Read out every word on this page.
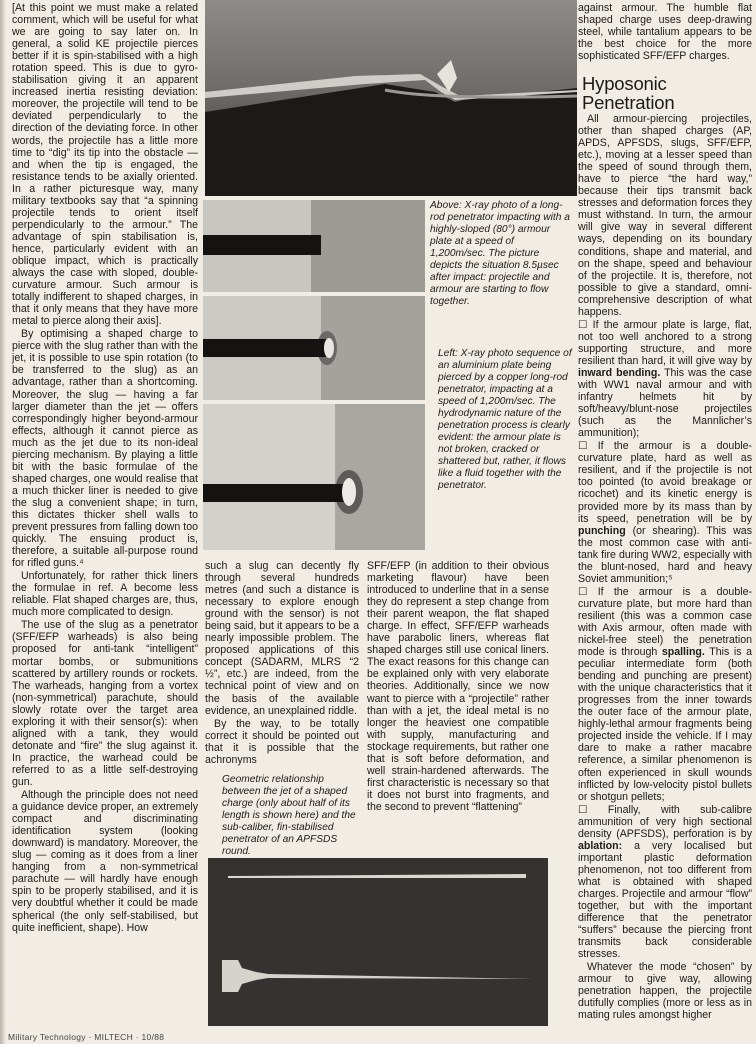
[At this point we must make a related comment, which will be useful for what we are going to say later on. In general, a solid KE projectile pierces better if it is spin-stabilised with a high rotation speed. This is due to gyro-stabilisation giving it an apparent increased inertia resisting deviation: moreover, the projectile will tend to be deviated perpendicularly to the direction of the deviating force. In other words, the projectile has a little more time to “dig” its tip into the obstacle — and when the tip is engaged, the resistance tends to be axially oriented. In a rather picturesque way, many military textbooks say that “a spinning projectile tends to orient itself perpendicularly to the armour.” The advantage of spin stabilisation is, hence, particularly evident with an oblique impact, which is practically always the case with sloped, double-curvature armour. Such armour is totally indifferent to shaped charges, in that it only means that they have more metal to pierce along their axis].

By optimising a shaped charge to pierce with the slug rather than with the jet, it is possible to use spin rotation (to be transferred to the slug) as an advantage, rather than a shortcoming. Moreover, the slug — having a far larger diameter than the jet — offers correspondingly higher beyond-armour effects, although it cannot pierce as much as the jet due to its non-ideal piercing mechanism. By playing a little bit with the basic formulae of the shaped charges, one would realise that a much thicker liner is needed to give the slug a convenient shape; in turn, this dictates thicker shell walls to prevent pressures from falling down too quickly. The ensuing product is, therefore, a suitable all-purpose round for rifled guns.⁴

Unfortunately, for rather thick liners the formulae in ref. A become less reliable. Flat shaped charges are, thus, much more complicated to design.

The use of the slug as a penetrator (SFF/EFP warheads) is also being proposed for anti-tank “intelligent” mortar bombs, or submunitions scattered by artillery rounds or rockets. The warheads, hanging from a vortex (non-symmetrical) parachute, should slowly rotate over the target area exploring it with their sensor(s): when aligned with a tank, they would detonate and “fire” the slug against it. In practice, the warhead could be referred to as a little self-destroying gun.

Although the principle does not need a guidance device proper, an extremely compact and discriminating identification system (looking downward) is mandatory. Moreover, the slug — coming as it does from a liner hanging from a non-symmetrical parachute — will hardly have enough spin to be properly stabilised, and it is very doubtful whether it could be made spherical (the only self-stabilised, but quite inefficient, shape). How

Above: X-ray photo of a long-rod penetrator impacting with a highly-sloped (80°) armour plate at a speed of 1,200m/sec. The picture depicts the situation 8.5µsec after impact: projectile and armour are starting to flow together.
Left: X-ray photo sequence of an aluminium plate being pierced by a copper long-rod penetrator, impacting at a speed of 1,200m/sec. The hydrodynamic nature of the penetration process is clearly evident: the armour plate is not broken, cracked or shattered but, rather, it flows like a fluid together with the penetrator.

such a slug can decently fly through several hundreds metres (and such a distance is necessary to explore enough ground with the sensor) is not being said, but it appears to be a nearly impossible problem. The proposed applications of this concept (SADARM, MLRS “2 ½”, etc.) are indeed, from the technical point of view and on the basis of the available evidence, an unexplained riddle.

By the way, to be totally correct it should be pointed out that it is possible that the achronyms

SFF/EFP (in addition to their obvious marketing flavour) have been introduced to underline that in a sense they do represent a step change from their parent weapon, the flat shaped charge. In effect, SFF/EFP warheads have parabolic liners, whereas flat shaped charges still use conical liners. The exact reasons for this change can be explained only with very elaborate theories. Additionally, since we now want to pierce with a “projectile” rather than with a jet, the ideal metal is no longer the heaviest one compatible with supply, manufacturing and stockage requirements, but rather one that is soft before deformation, and well strain-hardened afterwards. The first characteristic is necessary so that it does not burst into fragments, and the second to prevent “flattening”

Geometric relationship between the jet of a shaped charge (only about half of its length is shown here) and the sub-caliber, fin-stabilised penetrator of an APFSDS round.

against armour. The humble flat shaped charge uses deep-drawing steel, while tantalium appears to be the best choice for the more sophisticated SFF/EFP charges.

Hyposonic Penetration

All armour-piercing projectiles, other than shaped charges (AP, APDS, APFSDS, slugs, SFF/EFP, etc.), moving at a lesser speed than the speed of sound through them, have to pierce “the hard way,” because their tips transmit back stresses and deformation forces they must withstand. In turn, the armour will give way in several different ways, depending on its boundary conditions, shape and material, and on the shape, speed and behaviour of the projectile. It is, therefore, not possible to give a standard, omni-comprehensive description of what happens.

☐ If the armour plate is large, flat, not too well anchored to a strong supporting structure, and more resilient than hard, it will give way by inward bending. This was the case with WW1 naval armour and with infantry helmets hit by soft/heavy/blunt-nose projectiles (such as the Mannlicher’s ammunition);

☐ If the armour is a double-curvature plate, hard as well as resilient, and if the projectile is not too pointed (to avoid breakage or ricochet) and its kinetic energy is provided more by its mass than by its speed, penetration will be by punching (or shearing). This was the most common case with anti-tank fire during WW2, especially with the blunt-nosed, hard and heavy Soviet ammunition;⁵

☐ If the armour is a double-curvature plate, but more hard than resilient (this was a common case with Axis armour, often made with nickel-free steel) the penetration mode is through spalling. This is a peculiar intermediate form (both bending and punching are present) with the unique characteristics that it progresses from the inner towards the outer face of the armour plate, highly-lethal armour fragments being projected inside the vehicle. If I may dare to make a rather macabre reference, a similar phenomenon is often experienced in skull wounds inflicted by low-velocity pistol bullets or shotgun pellets;

☐ Finally, with sub-calibre ammunition of very high sectional density (APFSDS), perforation is by ablation: a very localised but important plastic deformation phenomenon, not too different from what is obtained with shaped charges. Projectile and armour “flow” together, but with the important difference that the penetrator “suffers” because the piercing front transmits back considerable stresses.

Whatever the mode “chosen” by armour to give way, allowing penetration happen, the projectile dutifully complies (more or less as in mating rules amongst higher

Military Technology · MILTECH · 10/88
